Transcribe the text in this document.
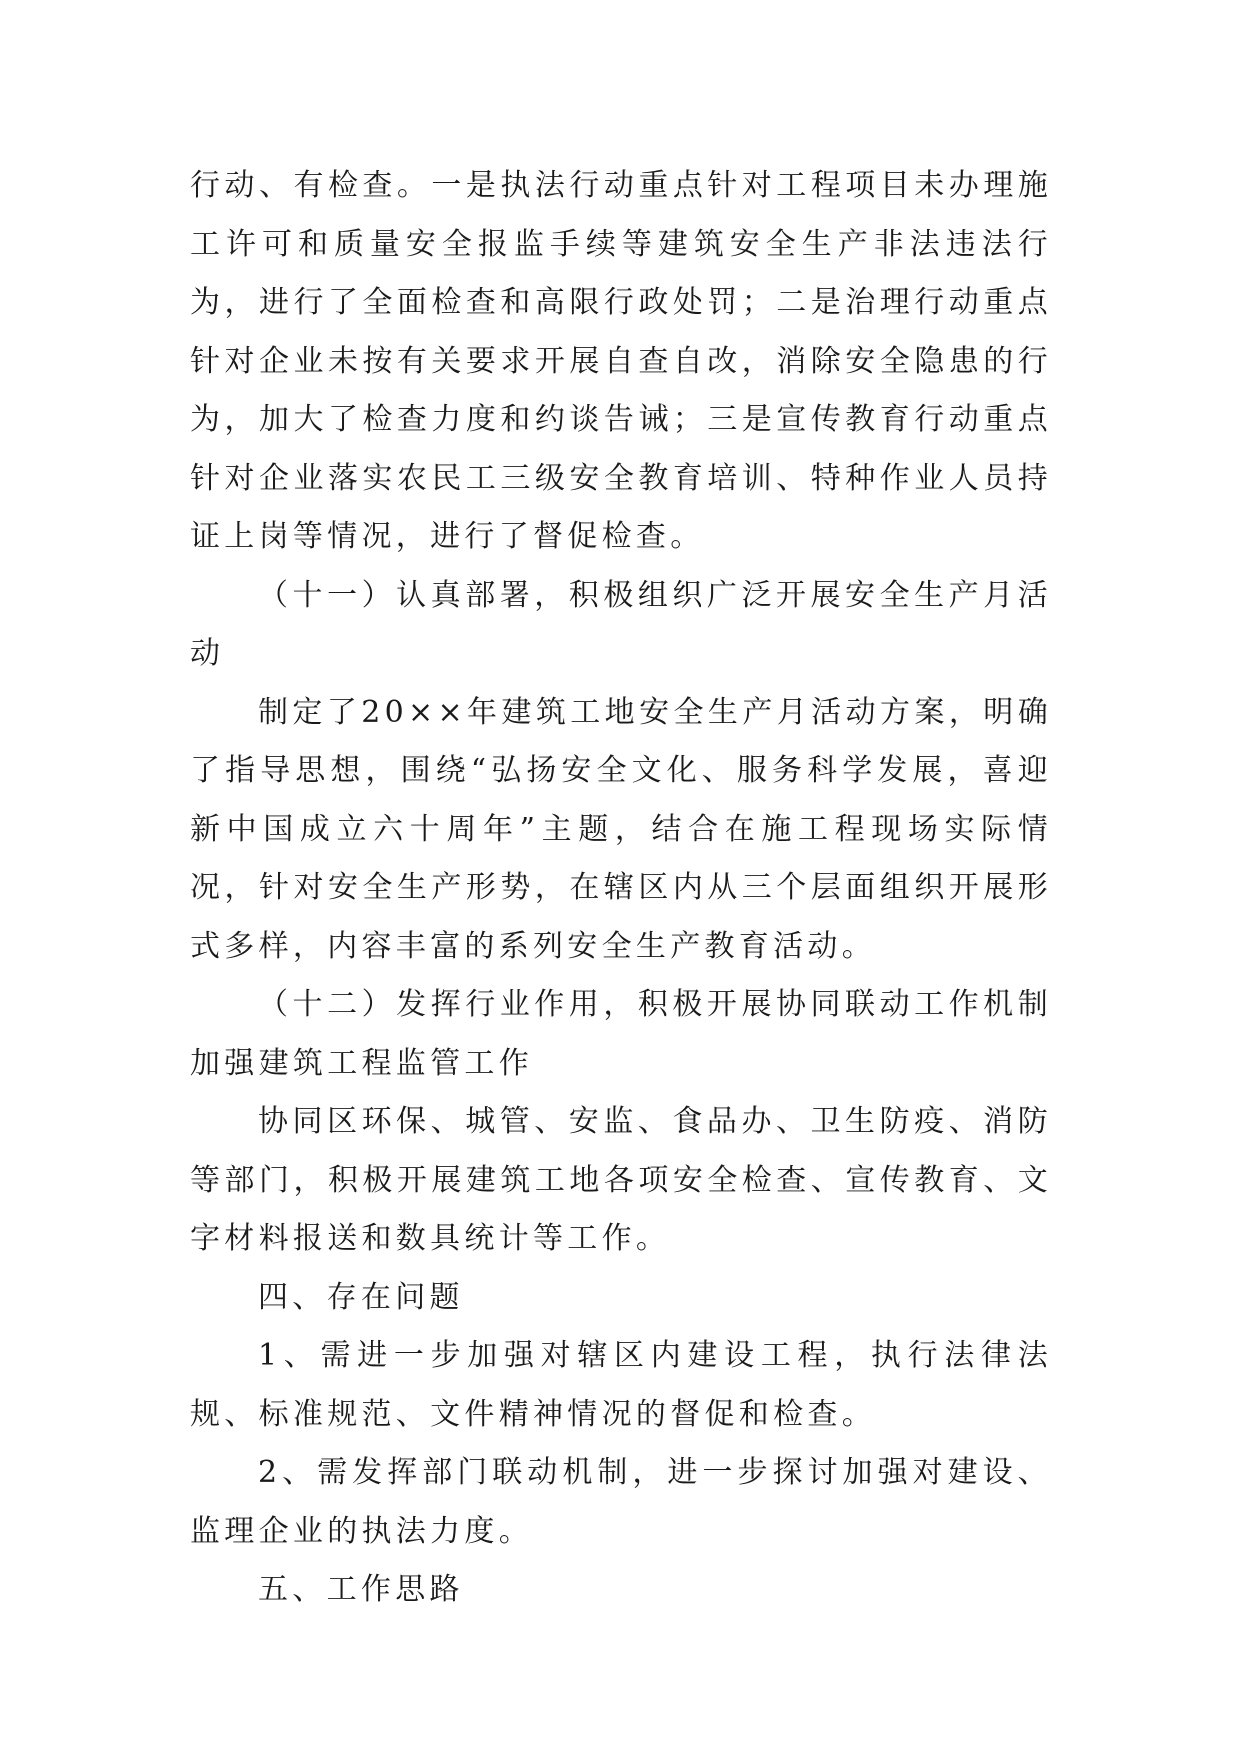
行动、有检查。一是执法行动重点针对工程项目未办理施工许可和质量安全报监手续等建筑安全生产非法违法行为，进行了全面检查和高限行政处罚；二是治理行动重点针对企业未按有关要求开展自查自改，消除安全隐患的行为，加大了检查力度和约谈告诫；三是宣传教育行动重点针对企业落实农民工三级安全教育培训、特种作业人员持证上岗等情况，进行了督促检查。

（十一）认真部署，积极组织广泛开展安全生产月活动

制定了20××年建筑工地安全生产月活动方案，明确了指导思想，围绕“弘扬安全文化、服务科学发展，喜迎新中国成立六十周年”主题，结合在施工程现场实际情况，针对安全生产形势，在辖区内从三个层面组织开展形式多样，内容丰富的系列安全生产教育活动。

（十二）发挥行业作用，积极开展协同联动工作机制加强建筑工程监管工作

协同区环保、城管、安监、食品办、卫生防疫、消防等部门，积极开展建筑工地各项安全检查、宣传教育、文字材料报送和数具统计等工作。

四、存在问题

1、需进一步加强对辖区内建设工程，执行法律法规、标准规范、文件精神情况的督促和检查。

2、需发挥部门联动机制，进一步探讨加强对建设、监理企业的执法力度。

五、工作思路
